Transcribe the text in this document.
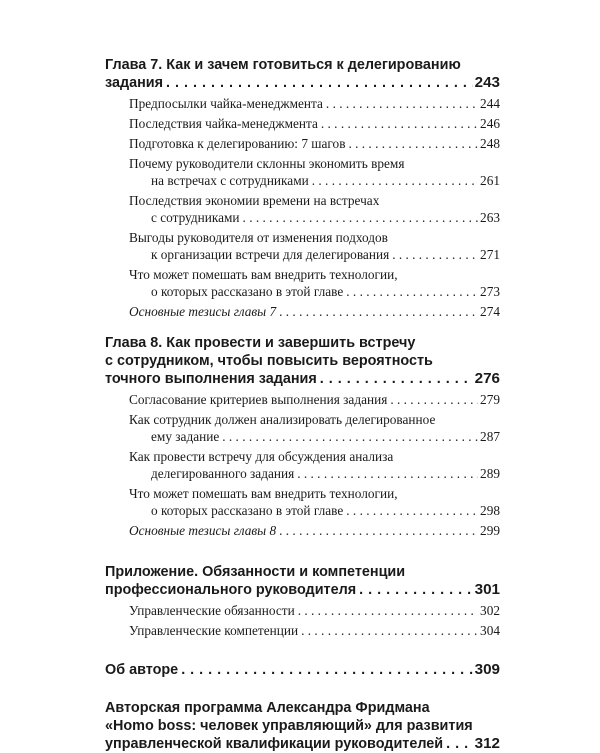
Глава 7. Как и зачем готовиться к делегированию
задания . . .	243
Предпосылки чайка-менеджмента . . .	244
Последствия чайка-менеджмента . . .	246
Подготовка к делегированию: 7 шагов . . .	248
Почему руководители склонны экономить время
на встречах с сотрудниками . . .	261
Последствия экономии времени на встречах
с сотрудниками . . .	263
Выгоды руководителя от изменения подходов
к организации встречи для делегирования . . .	271
Что может помешать вам внедрить технологии,
о которых рассказано в этой главе . . .	273
Основные тезисы главы 7 . . .	274
Глава 8. Как провести и завершить встречу
с сотрудником, чтобы повысить вероятность
точного выполнения задания . . .	276
Согласование критериев выполнения задания . . .	279
Как сотрудник должен анализировать делегированное
ему задание . . .	287
Как провести встречу для обсуждения анализа
делегированного задания . . .	289
Что может помешать вам внедрить технологии,
о которых рассказано в этой главе . . .	298
Основные тезисы главы 8 . . .	299
Приложение. Обязанности и компетенции
профессионального руководителя . . .	301
Управленческие обязанности . . .	302
Управленческие компетенции . . .	304
Об авторе . . .	309
Авторская программа Александра Фридмана
«Homo boss: человек управляющий» для развития
управленческой квалификации руководителей . . . 312
